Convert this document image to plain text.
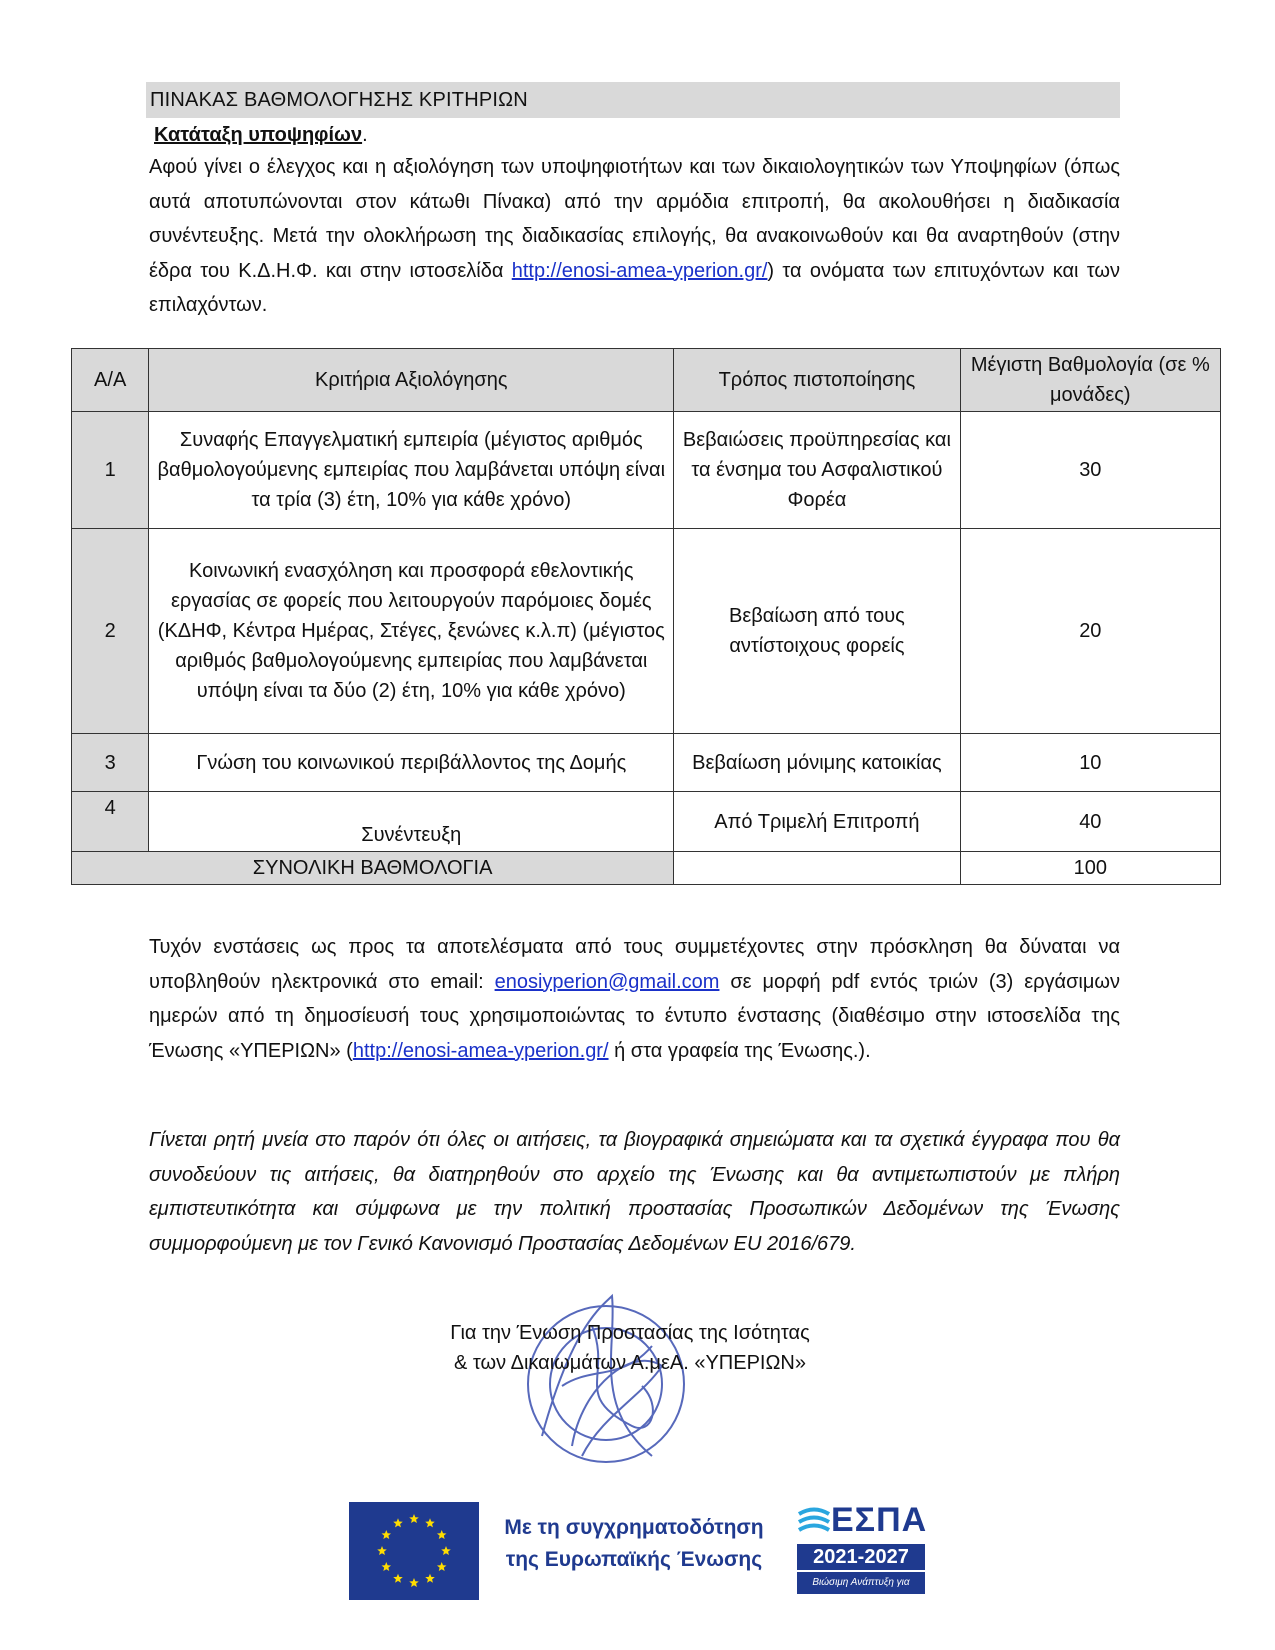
ΠΙΝΑΚΑΣ ΒΑΘΜΟΛΟΓΗΣΗΣ ΚΡΙΤΗΡΙΩΝ
Κατάταξη υποψηφίων.
Αφού γίνει ο έλεγχος και η αξιολόγηση των υποψηφιοτήτων και των δικαιολογητικών των Υποψηφίων (όπως αυτά αποτυπώνονται στον κάτωθι Πίνακα) από την αρμόδια επιτροπή, θα ακολουθήσει η διαδικασία συνέντευξης. Μετά την ολοκλήρωση της διαδικασίας επιλογής, θα ανακοινωθούν και θα αναρτηθούν (στην έδρα του Κ.Δ.Η.Φ. και στην ιστοσελίδα http://enosi-amea-yperion.gr/) τα ονόματα των επιτυχόντων και των επιλαχόντων.
Α/Α	Κριτήρια Αξιολόγησης	Τρόπος πιστοποίησης	Μέγιστη Βαθμολογία (σε % μονάδες)
1	Συναφής Επαγγελματική εμπειρία (μέγιστος αριθμός βαθμολογούμενης εμπειρίας που λαμβάνεται υπόψη είναι τα τρία (3) έτη, 10% για κάθε χρόνο)	Βεβαιώσεις προϋπηρεσίας και τα ένσημα του Ασφαλιστικού Φορέα	30
2	Κοινωνική ενασχόληση και προσφορά εθελοντικής εργασίας σε φορείς που λειτουργούν παρόμοιες δομές (ΚΔΗΦ, Κέντρα Ημέρας, Στέγες, ξενώνες κ.λ.π) (μέγιστος αριθμός βαθμολογούμενης εμπειρίας που λαμβάνεται υπόψη είναι τα δύο (2) έτη, 10% για κάθε χρόνο)	Βεβαίωση από τους αντίστοιχους φορείς	20
3	Γνώση του κοινωνικού περιβάλλοντος της Δομής	Βεβαίωση μόνιμης κατοικίας	10
4	Συνέντευξη	Από Τριμελή Επιτροπή	40
ΣΥΝΟΛΙΚΗ ΒΑΘΜΟΛΟΓΙΑ			100
Τυχόν ενστάσεις ως προς τα αποτελέσματα από τους συμμετέχοντες στην πρόσκληση θα δύναται να υποβληθούν ηλεκτρονικά στο email: enosiyperion@gmail.com σε μορφή pdf εντός τριών (3) εργάσιμων ημερών από τη δημοσίευσή τους χρησιμοποιώντας το έντυπο ένστασης (διαθέσιμο στην ιστοσελίδα της Ένωσης «ΥΠΕΡΙΩΝ» (http://enosi-amea-yperion.gr/ ή στα γραφεία της Ένωσης.).
Γίνεται ρητή μνεία στο παρόν ότι όλες οι αιτήσεις, τα βιογραφικά σημειώματα και τα σχετικά έγγραφα που θα συνοδεύουν τις αιτήσεις, θα διατηρηθούν στο αρχείο της Ένωσης και θα αντιμετωπιστούν με πλήρη εμπιστευτικότητα και σύμφωνα με την πολιτική προστασίας Προσωπικών Δεδομένων της Ένωσης συμμορφούμενη με τον Γενικό Κανονισμό Προστασίας Δεδομένων EU 2016/679.
Για την Ένωση Προστασίας της Ισότητας
& των Δικαιωμάτων Α.μεΑ. «ΥΠΕΡΙΩΝ»
Με τη συγχρηματοδότηση
της Ευρωπαϊκής Ένωσης
ΕΣΠΑ
2021-2027
Βιώσιμη Ανάπτυξη για Όλους
